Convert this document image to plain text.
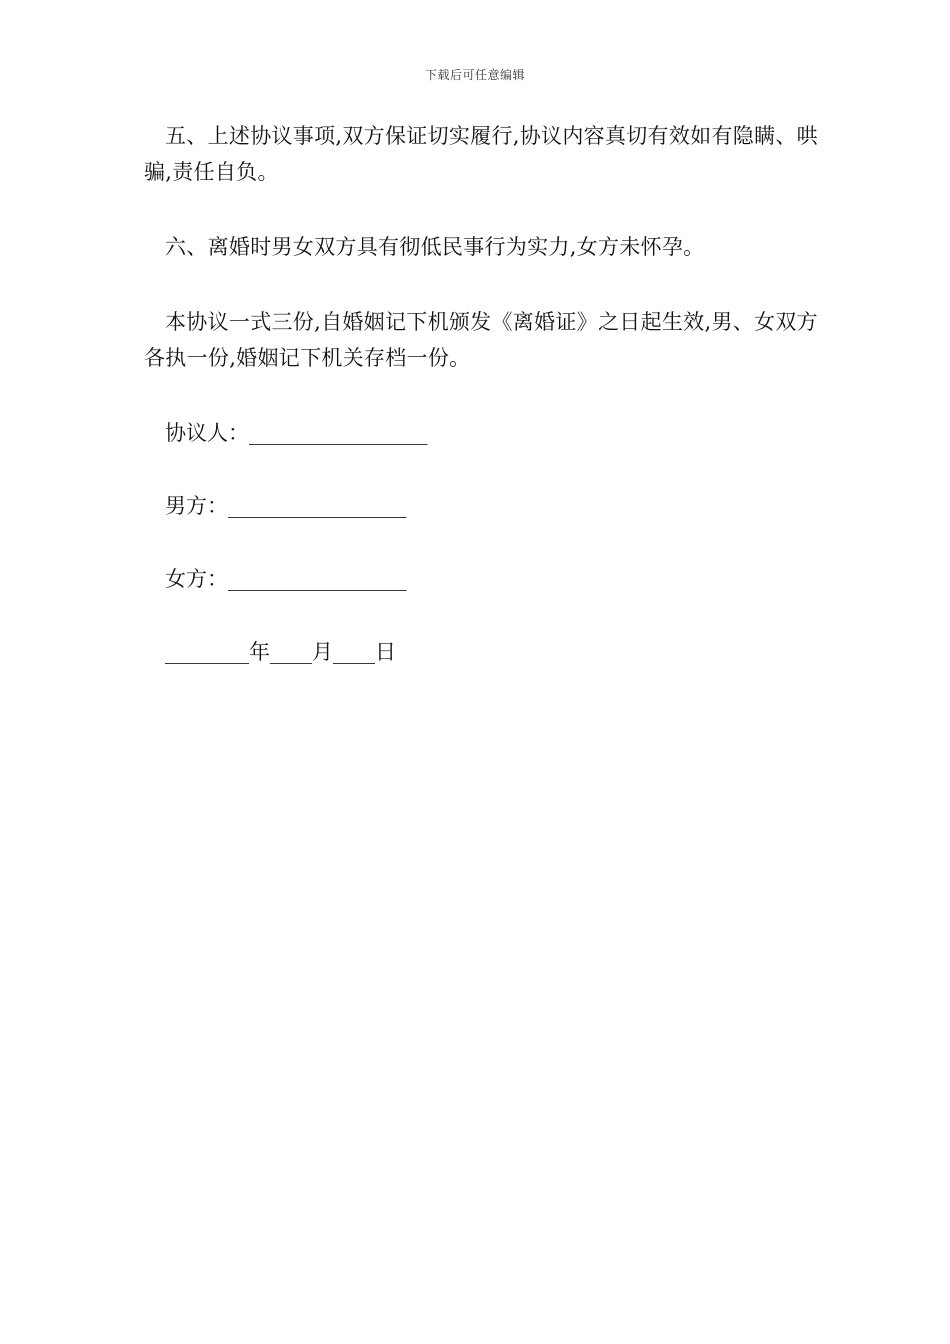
下载后可任意编辑

五、上述协议事项,双方保证切实履行,协议内容真切有效如有隐瞒、哄骗,责任自负。

六、离婚时男女双方具有彻低民事行为实力,女方未怀孕。

本协议一式三份,自婚姻记下机颁发《离婚证》之日起生效,男、女双方各执一份,婚姻记下机关存档一份。

协议人：_________________
男方：_________________
女方：_________________
________年____月____日
